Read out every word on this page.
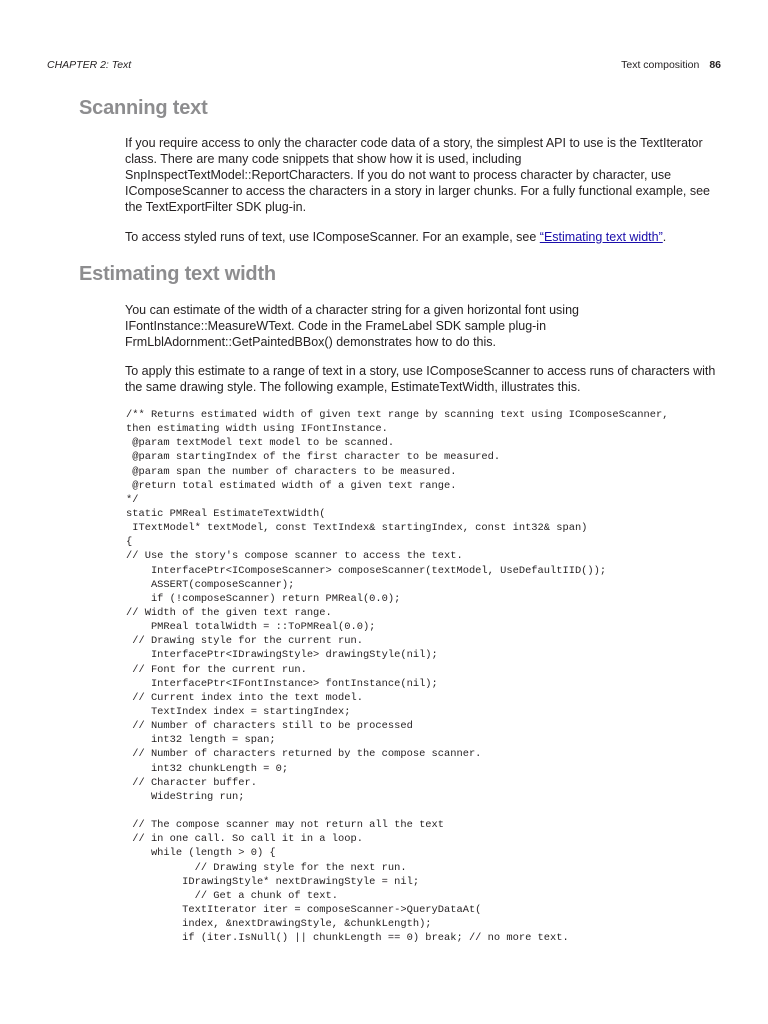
CHAPTER 2: Text	Text composition 86
Scanning text
If you require access to only the character code data of a story, the simplest API to use is the TextIterator
class. There are many code snippets that show how it is used, including
SnpInspectTextModel::ReportCharacters. If you do not want to process character by character, use
IComposeScanner to access the characters in a story in larger chunks. For a fully functional example, see
the TextExportFilter SDK plug-in.
To access styled runs of text, use IComposeScanner. For an example, see “Estimating text width”.
Estimating text width
You can estimate of the width of a character string for a given horizontal font using
IFontInstance::MeasureWText. Code in the FrameLabel SDK sample plug-in
FrmLblAdornment::GetPaintedBBox() demonstrates how to do this.
To apply this estimate to a range of text in a story, use IComposeScanner to access runs of characters with
the same drawing style. The following example, EstimateTextWidth, illustrates this.
/** Returns estimated width of given text range by scanning text using IComposeScanner,
then estimating width using IFontInstance.
@param textModel text model to be scanned.
@param startingIndex of the first character to be measured.
@param span the number of characters to be measured.
@return total estimated width of a given text range.
*/
static PMReal EstimateTextWidth(
ITextModel* textModel, const TextIndex& startingIndex, const int32& span)
{
// Use the story's compose scanner to access the text.
InterfacePtr<IComposeScanner> composeScanner(textModel, UseDefaultIID());
ASSERT(composeScanner);
if (!composeScanner) return PMReal(0.0);
// Width of the given text range.
PMReal totalWidth = ::ToPMReal(0.0);
// Drawing style for the current run.
InterfacePtr<IDrawingStyle> drawingStyle(nil);
// Font for the current run.
InterfacePtr<IFontInstance> fontInstance(nil);
// Current index into the text model.
TextIndex index = startingIndex;
// Number of characters still to be processed
int32 length = span;
// Number of characters returned by the compose scanner.
int32 chunkLength = 0;
// Character buffer.
WideString run;
// The compose scanner may not return all the text
// in one call. So call it in a loop.
while (length > 0) {
// Drawing style for the next run.
IDrawingStyle* nextDrawingStyle = nil;
// Get a chunk of text.
TextIterator iter = composeScanner->QueryDataAt(
index, &nextDrawingStyle, &chunkLength);
if (iter.IsNull() || chunkLength == 0) break; // no more text.
